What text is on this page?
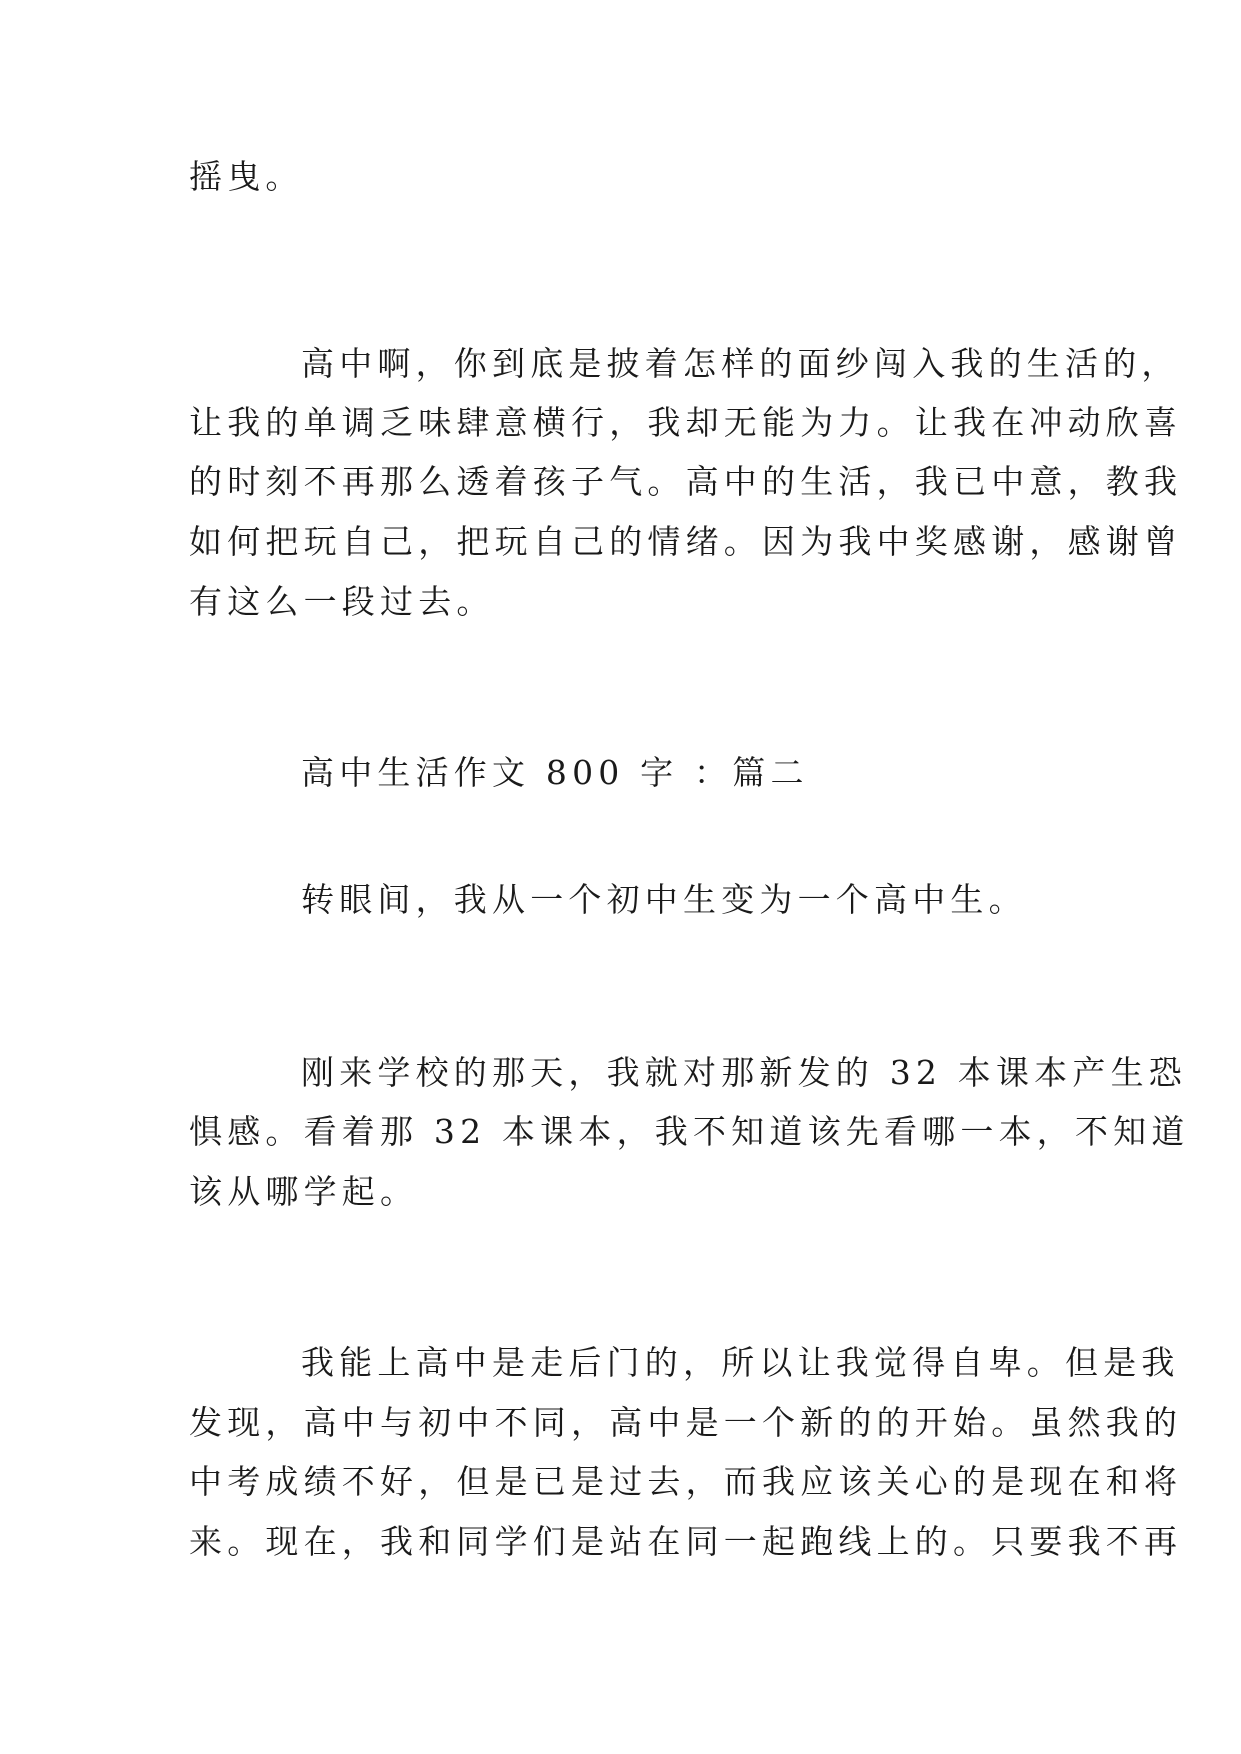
摇曳。
高中啊，你到底是披着怎样的面纱闯入我的生活的，
让我的单调乏味肆意横行，我却无能为力。让我在冲动欣喜
的时刻不再那么透着孩子气。高中的生活，我已中意，教我
如何把玩自己，把玩自己的情绪。因为我中奖感谢，感谢曾
有这么一段过去。
高中生活作文 800 字 ：篇二
转眼间，我从一个初中生变为一个高中生。
刚来学校的那天，我就对那新发的 32 本课本产生恐
惧感。看着那 32 本课本，我不知道该先看哪一本，不知道
该从哪学起。
我能上高中是走后门的，所以让我觉得自卑。但是我
发现，高中与初中不同，高中是一个新的的开始。虽然我的
中考成绩不好，但是已是过去，而我应该关心的是现在和将
来。现在，我和同学们是站在同一起跑线上的。只要我不再
